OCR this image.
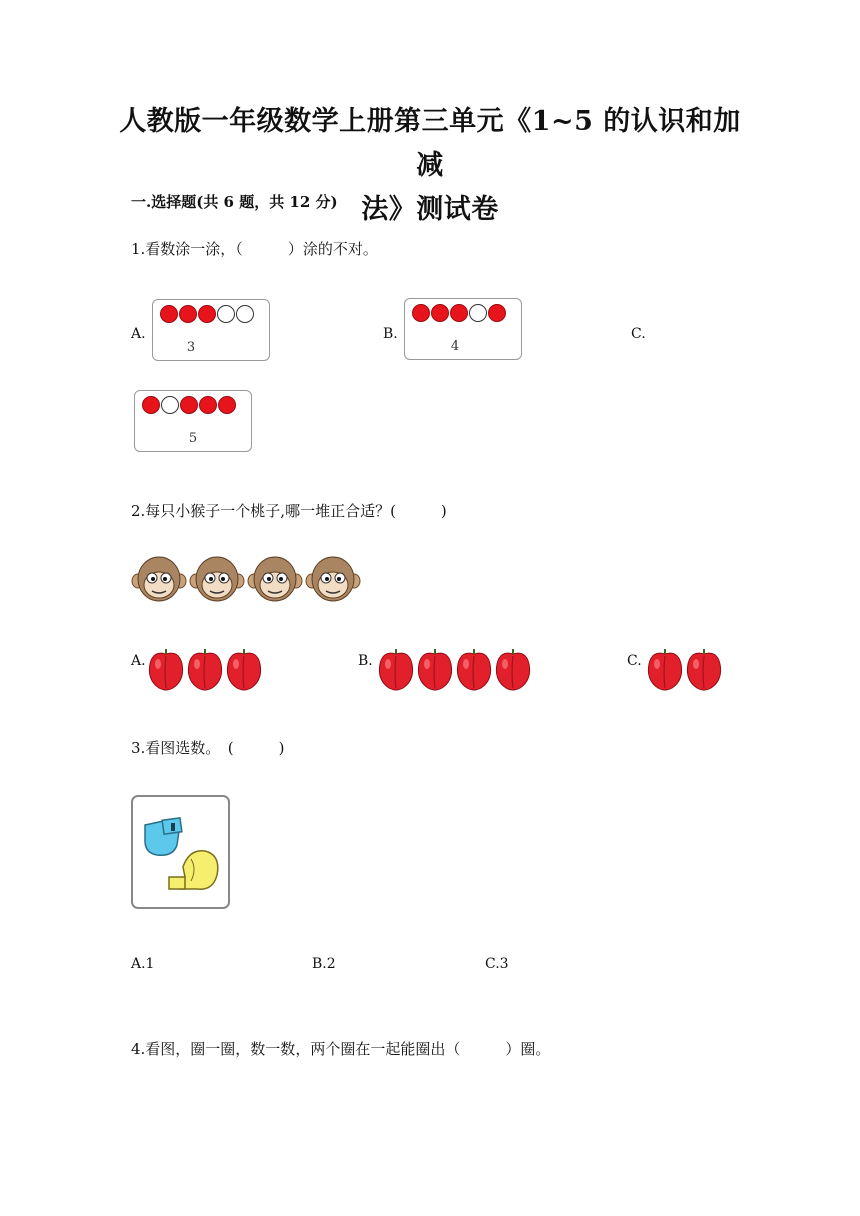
人教版一年级数学上册第三单元《1~5 的认识和加减
法》测试卷
一.选择题(共 6 题，共 12 分)
1.看数涂一涂，（　　　）涂的不对。
A.
3
B.
4
C.
5
2.每只小猴子一个桃子,哪一堆正合适？(　　　)
A.	B.	C.
3.看图选数。　(　　　)
A.1	B.2	C.3
4.看图，圈一圈，数一数，两个圈在一起能圈出（　　　）圈。
